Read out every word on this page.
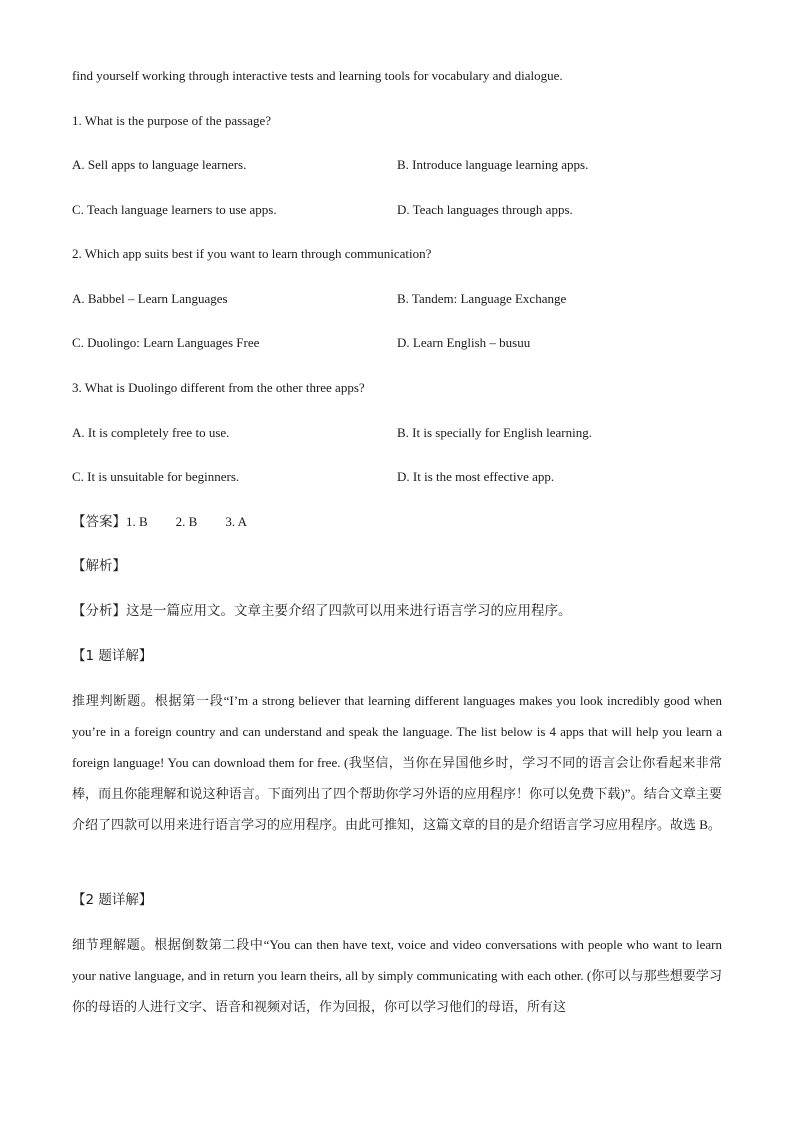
find yourself working through interactive tests and learning tools for vocabulary and dialogue.
1. What is the purpose of the passage?
A. Sell apps to language learners.	B. Introduce language learning apps.
C. Teach language learners to use apps.	D. Teach languages through apps.
2. Which app suits best if you want to learn through communication?
A. Babbel – Learn Languages	B. Tandem: Language Exchange
C. Duolingo: Learn Languages Free	D. Learn English – busuu
3. What is Duolingo different from the other three apps?
A. It is completely free to use.	B. It is specially for English learning.
C. It is unsuitable for beginners.	D. It is the most effective app.
【答案】1. B 2. B 3. A
【解析】
【分析】这是一篇应用文。文章主要介绍了四款可以用来进行语言学习的应用程序。
【1 题详解】
推理判断题。根据第一段“I’m a strong believer that learning different languages makes you look incredibly good when you’re in a foreign country and can understand and speak the language. The list below is 4 apps that will help you learn a foreign language! You can download them for free. (我坚信，当你在异国他乡时，学习不同的语言会让你看起来非常棒，而且你能理解和说这种语言。下面列出了四个帮助你学习外语的应用程序！你可以免费下载)”。结合文章主要介绍了四款可以用来进行语言学习的应用程序。由此可推知，这篇文章的目的是介绍语言学习应用程序。故选 B。
【2 题详解】
细节理解题。根据倒数第二段中“You can then have text, voice and video conversations with people who want to learn your native language, and in return you learn theirs, all by simply communicating with each other. (你可以与那些想要学习你的母语的人进行文字、语音和视频对话，作为回报，你可以学习他们的母语，所有这
